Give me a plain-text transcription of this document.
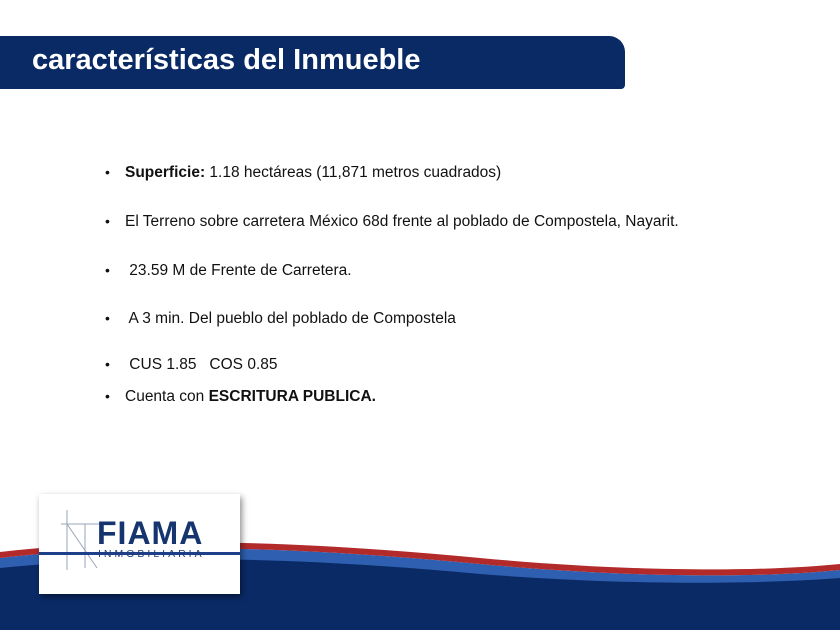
características del Inmueble
• Superficie: 1.18 hectáreas (11,871 metros cuadrados)
• El Terreno sobre carretera México 68d frente al poblado de Compostela, Nayarit.
• 23.59 M de Frente de Carretera.
• A 3 min. Del pueblo del poblado de Compostela
• CUS 1.85   COS 0.85
• Cuenta con ESCRITURA PUBLICA.
FIAMA
INMOBILIARIA
